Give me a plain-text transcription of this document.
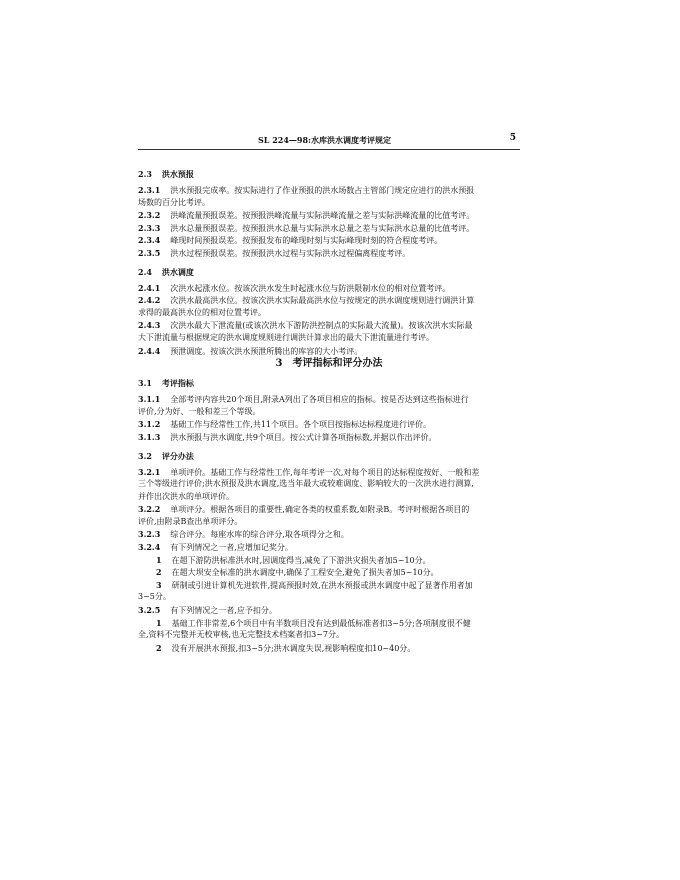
SL 224—98:水库洪水调度考评规定	5
2.3 洪水预报
2.3.1 洪水预报完成率。按实际进行了作业预报的洪水场数占主管部门规定应进行的洪水预报
场数的百分比考评。
2.3.2 洪峰流量预报误差。按预报洪峰流量与实际洪峰流量之差与实际洪峰流量的比值考评。
2.3.3 洪水总量预报误差。按预报洪水总量与实际洪水总量之差与实际洪水总量的比值考评。
2.3.4 峰现时间预报误差。按预报发布的峰现时刻与实际峰现时刻的符合程度考评。
2.3.5 洪水过程预报误差。按预报洪水过程与实际洪水过程偏离程度考评。
2.4 洪水调度
2.4.1 次洪水起涨水位。按该次洪水发生时起涨水位与防洪限制水位的相对位置考评。
2.4.2 次洪水最高洪水位。按该次洪水实际最高洪水位与按规定的洪水调度规则进行调洪计算
求得的最高洪水位的相对位置考评。
2.4.3 次洪水最大下泄流量(或该次洪水下游防洪控制点的实际最大流量)。按该次洪水实际最
大下泄流量与根据规定的洪水调度规则进行调洪计算求出的最大下泄流量进行考评。
2.4.4 预泄调度。按该次洪水预泄所腾出的库容的大小考评。
3 考评指标和评分办法
3.1 考评指标
3.1.1 全部考评内容共20个项目,附录A列出了各项目相应的指标。按是否达到这些指标进行
评价,分为好、一般和差三个等级。
3.1.2 基础工作与经常性工作,共11个项目。各个项目按指标达标程度进行评价。
3.1.3 洪水预报与洪水调度,共9个项目。按公式计算各项指标数,并据以作出评价。
3.2 评分办法
3.2.1 单项评价。基础工作与经常性工作,每年考评一次,对每个项目的达标程度按好、一般和差
三个等级进行评价;洪水预报及洪水调度,选当年最大或较难调度、影响较大的一次洪水进行测算,
并作出次洪水的单项评价。
3.2.2 单项评分。根据各项目的重要性,确定各类的权重系数,如附录B。考评时根据各项目的
评价,由附录B查出单项评分。
3.2.3 综合评分。每座水库的综合评分,取各项得分之和。
3.2.4 有下列情况之一者,应增加记奖分。
1 在超下游防洪标准洪水时,因调度得当,减免了下游洪灾损失者加5~10分。
2 在超大坝安全标准的洪水调度中,确保了工程安全,避免了损失者加5~10分。
3 研制或引进计算机先进软件,提高预报时效,在洪水预报或洪水调度中起了显著作用者加
3~5分。
3.2.5 有下列情况之一者,应予扣分。
1 基础工作非常差,6个项目中有半数项目没有达到最低标准者扣3~5分;各项制度很不健
全,资料不完整并无校审核,也无完整技术档案者扣3~7分。
2 没有开展洪水预报,扣3~5分;洪水调度失误,视影响程度扣10~40分。
